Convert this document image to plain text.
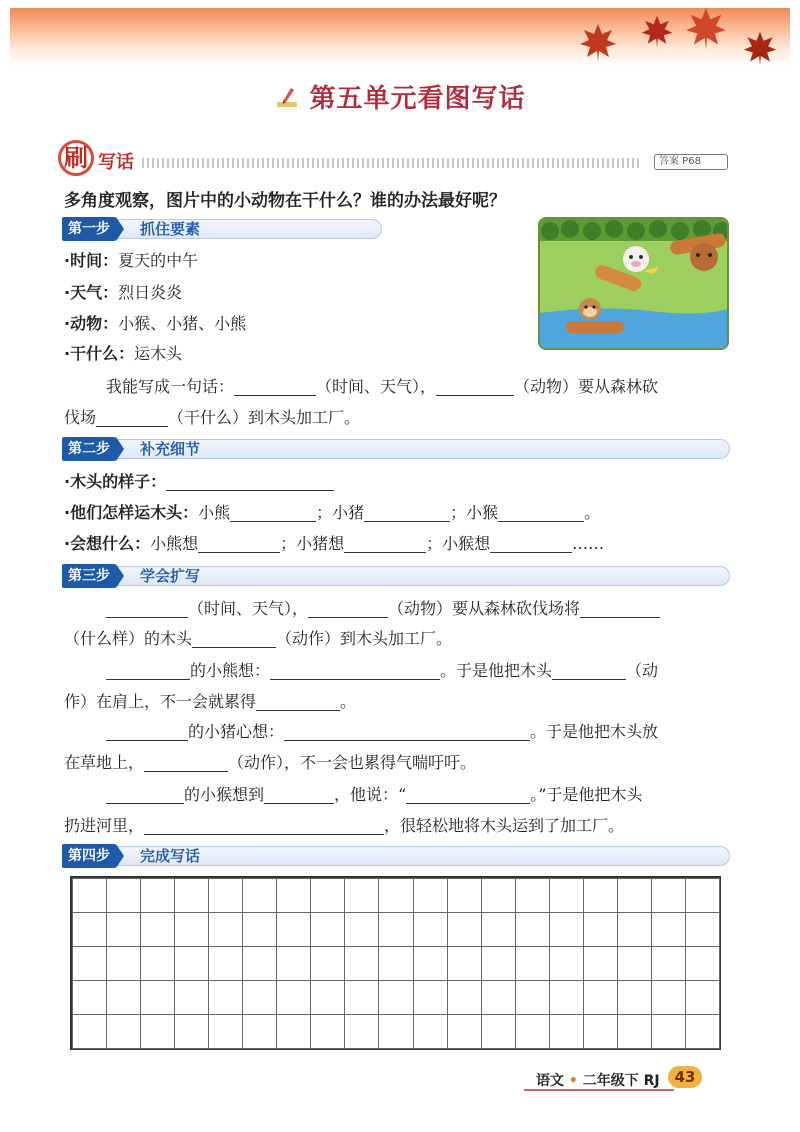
第五单元看图写话
刷 写话	答案 P68
多角度观察，图片中的小动物在干什么？谁的办法最好呢？
第一步	抓住要素
·时间：夏天的中午
·天气：烈日炎炎
·动物：小猴、小猪、小熊
·干什么：运木头
我能写成一句话：	（时间、天气），	（动物）要从森林砍
伐场	（干什么）到木头加工厂。
第二步	补充细节
·木头的样子：
·他们怎样运木头：小熊	；小猪	；小猴	。
·会想什么：小熊想	；小猪想	；小猴想	……
第三步	学会扩写
（时间、天气），	（动物）要从森林砍伐场将
（什么样）的木头	（动作）到木头加工厂。
的小熊想：	。于是他把木头	（动
作）在肩上，不一会就累得	。
的小猪心想：	。于是他把木头放
在草地上，	（动作），不一会也累得气喘吁吁。
的小猴想到	，他说：“	。”于是他把木头
扔进河里，	，很轻松地将木头运到了加工厂。
第四步	完成写话
语文 • 二年级下 RJ 43
